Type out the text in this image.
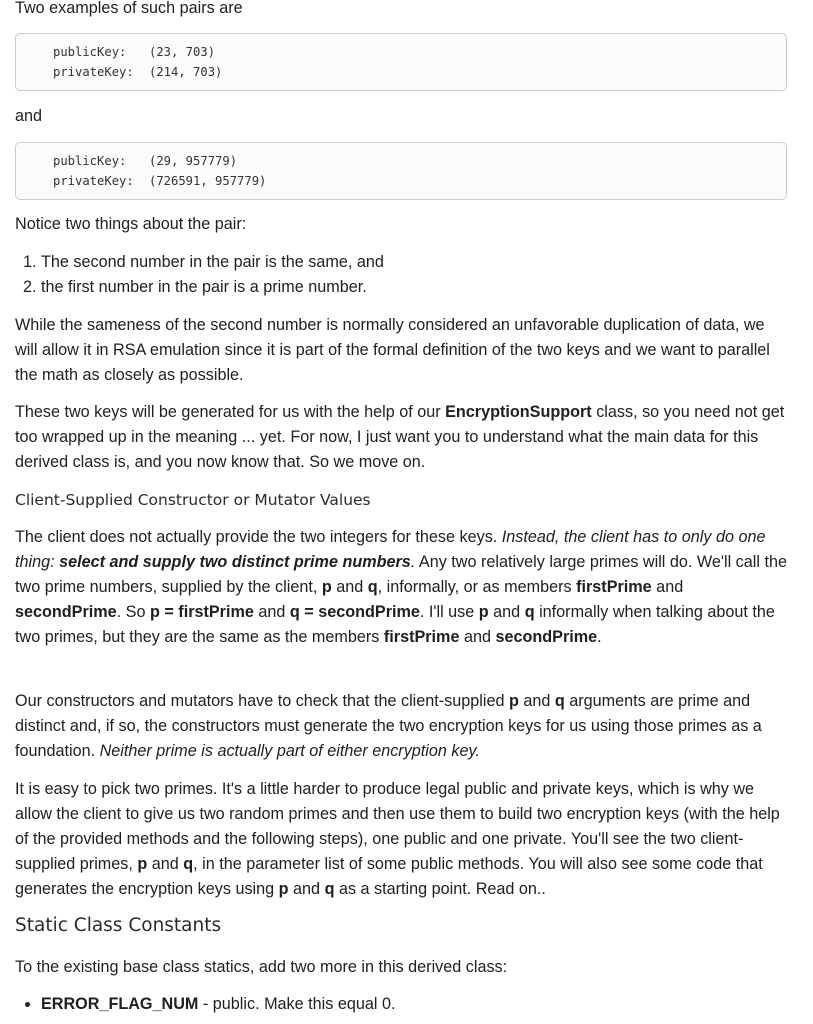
Two examples of such pairs are

publicKey: (23, 703)
privateKey: (214, 703)

and

publicKey: (29, 957779)
privateKey: (726591, 957779)

Notice two things about the pair:

1. The second number in the pair is the same, and
2. the first number in the pair is a prime number.

While the sameness of the second number is normally considered an unfavorable duplication of data, we will allow it in RSA emulation since it is part of the formal definition of the two keys and we want to parallel the math as closely as possible.

These two keys will be generated for us with the help of our EncryptionSupport class, so you need not get too wrapped up in the meaning ... yet. For now, I just want you to understand what the main data for this derived class is, and you now know that. So we move on.

Client-Supplied Constructor or Mutator Values

The client does not actually provide the two integers for these keys. Instead, the client has to only do one thing: select and supply two distinct prime numbers. Any two relatively large primes will do. We'll call the two prime numbers, supplied by the client, p and q, informally, or as members firstPrime and secondPrime. So p = firstPrime and q = secondPrime. I'll use p and q informally when talking about the two primes, but they are the same as the members firstPrime and secondPrime.

Our constructors and mutators have to check that the client-supplied p and q arguments are prime and distinct and, if so, the constructors must generate the two encryption keys for us using those primes as a foundation. Neither prime is actually part of either encryption key.

It is easy to pick two primes. It's a little harder to produce legal public and private keys, which is why we allow the client to give us two random primes and then use them to build two encryption keys (with the help of the provided methods and the following steps), one public and one private. You'll see the two client-supplied primes, p and q, in the parameter list of some public methods. You will also see some code that generates the encryption keys using p and q as a starting point. Read on..

Static Class Constants

To the existing base class statics, add two more in this derived class:

• ERROR_FLAG_NUM - public. Make this equal 0.
